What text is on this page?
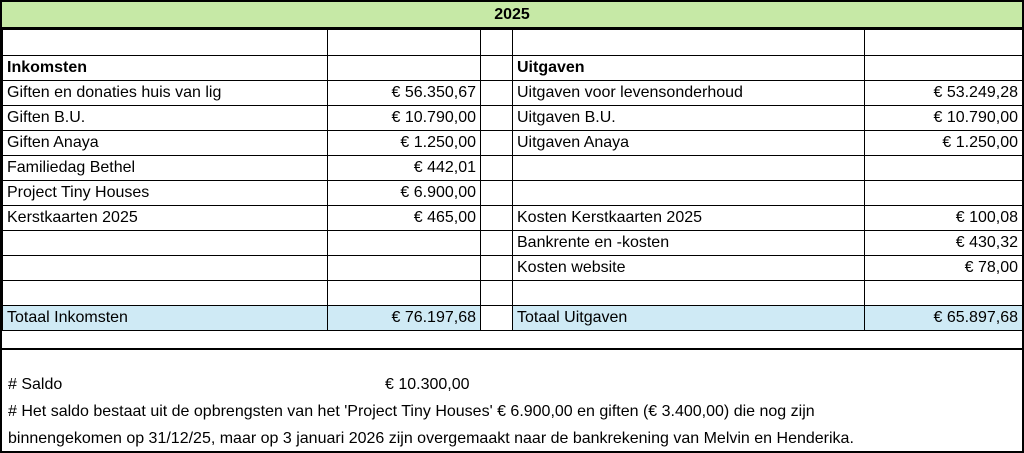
2025

Inkomsten			Uitgaven	
Giften en donaties huis van lig	€ 56.350,67		Uitgaven voor levensonderhoud	€ 53.249,28
Giften B.U.	€ 10.790,00		Uitgaven B.U.	€ 10.790,00
Giften Anaya	€ 1.250,00		Uitgaven Anaya	€ 1.250,00
Familiedag Bethel	€ 442,01			
Project Tiny Houses	€ 6.900,00			
Kerstkaarten 2025	€ 465,00		Kosten Kerstkaarten 2025	€ 100,08
			Bankrente en -kosten	€ 430,32
			Kosten website	€ 78,00

Totaal Inkomsten	€ 76.197,68		Totaal Uitgaven	€ 65.897,68
# Saldo	€ 10.300,00
# Het saldo bestaat uit de opbrengsten van het 'Project Tiny Houses' € 6.900,00 en giften (€ 3.400,00) die nog zijn
binnengekomen op 31/12/25, maar op 3 januari 2026 zijn overgemaakt naar de bankrekening van Melvin en Henderika.
